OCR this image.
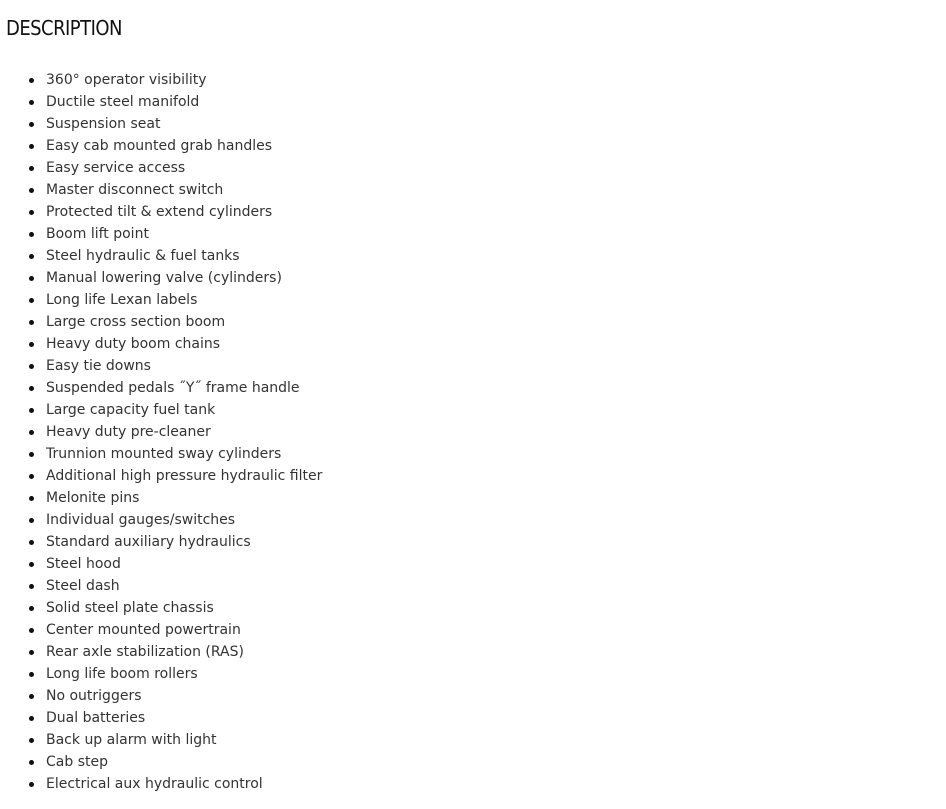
DESCRIPTION
360° operator visibility
Ductile steel manifold
Suspension seat
Easy cab mounted grab handles
Easy service access
Master disconnect switch
Protected tilt & extend cylinders
Boom lift point
Steel hydraulic & fuel tanks
Manual lowering valve (cylinders)
Long life Lexan labels
Large cross section boom
Heavy duty boom chains
Easy tie downs
Suspended pedals ˝Y˝ frame handle
Large capacity fuel tank
Heavy duty pre-cleaner
Trunnion mounted sway cylinders
Additional high pressure hydraulic filter
Melonite pins
Individual gauges/switches
Standard auxiliary hydraulics
Steel hood
Steel dash
Solid steel plate chassis
Center mounted powertrain
Rear axle stabilization (RAS)
Long life boom rollers
No outriggers
Dual batteries
Back up alarm with light
Cab step
Electrical aux hydraulic control
